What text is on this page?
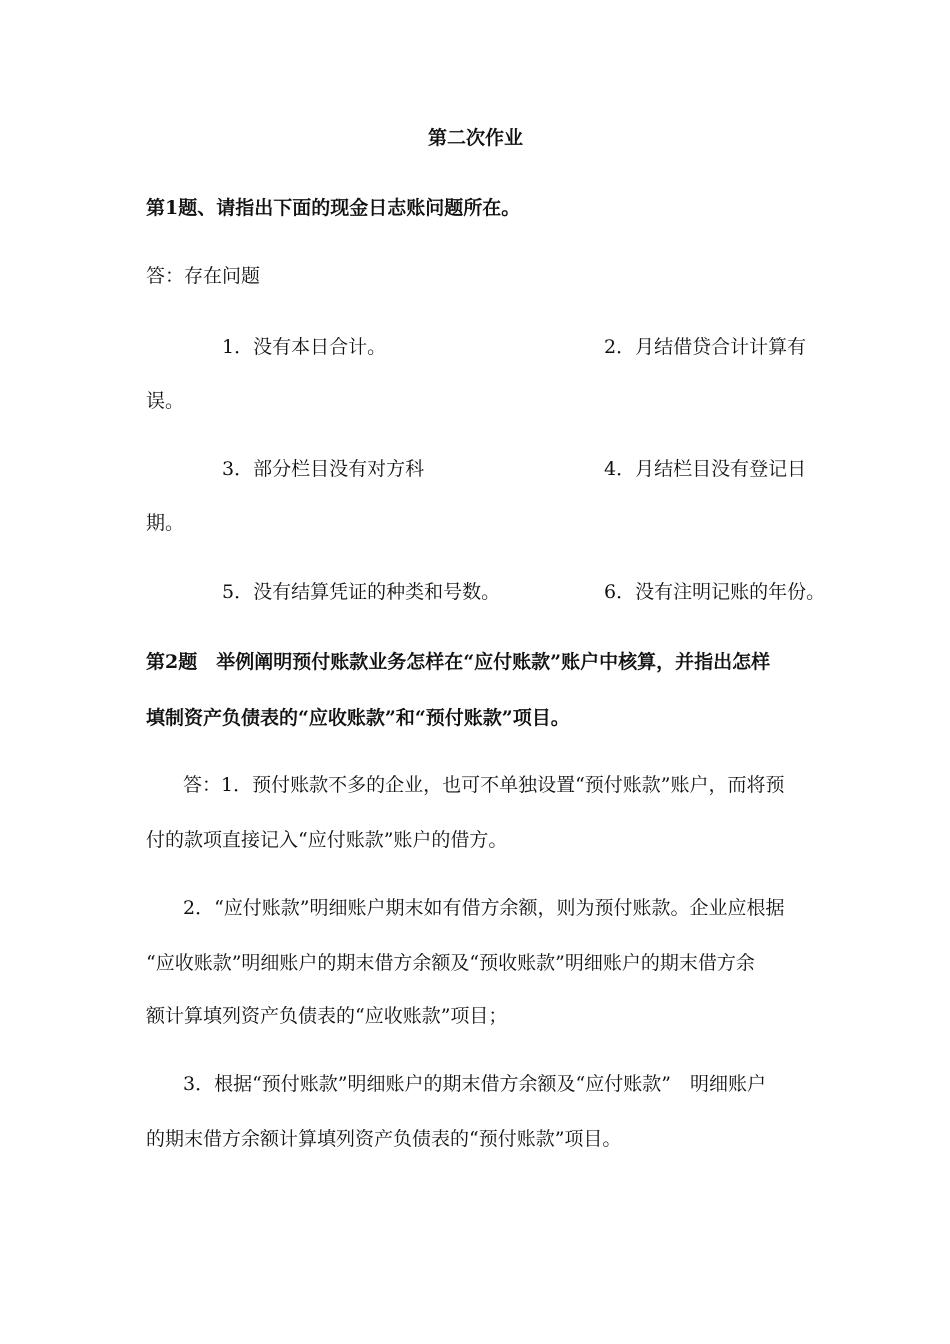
第二次作业

第1题、请指出下面的现金日志账问题所在。

答：存在问题

1．没有本日合计。	2．月结借贷合计计算有

误。

3．部分栏目没有对方科	4．月结栏目没有登记日

期。

5．没有结算凭证的种类和号数。	6．没有注明记账的年份。

第2题　举例阐明预付账款业务怎样在“应付账款”账户中核算，并指出怎样

填制资产负债表的“应收账款”和“预付账款”项目。

答：1．预付账款不多的企业，也可不单独设置“预付账款”账户，而将预

付的款项直接记入“应付账款”账户的借方。

2．“应付账款”明细账户期末如有借方余额，则为预付账款。企业应根据

“应收账款”明细账户的期末借方余额及“预收账款”明细账户的期末借方余

额计算填列资产负债表的“应收账款”项目；

3．根据“预付账款”明细账户的期末借方余额及“应付账款”　明细账户

的期末借方余额计算填列资产负债表的“预付账款”项目。
